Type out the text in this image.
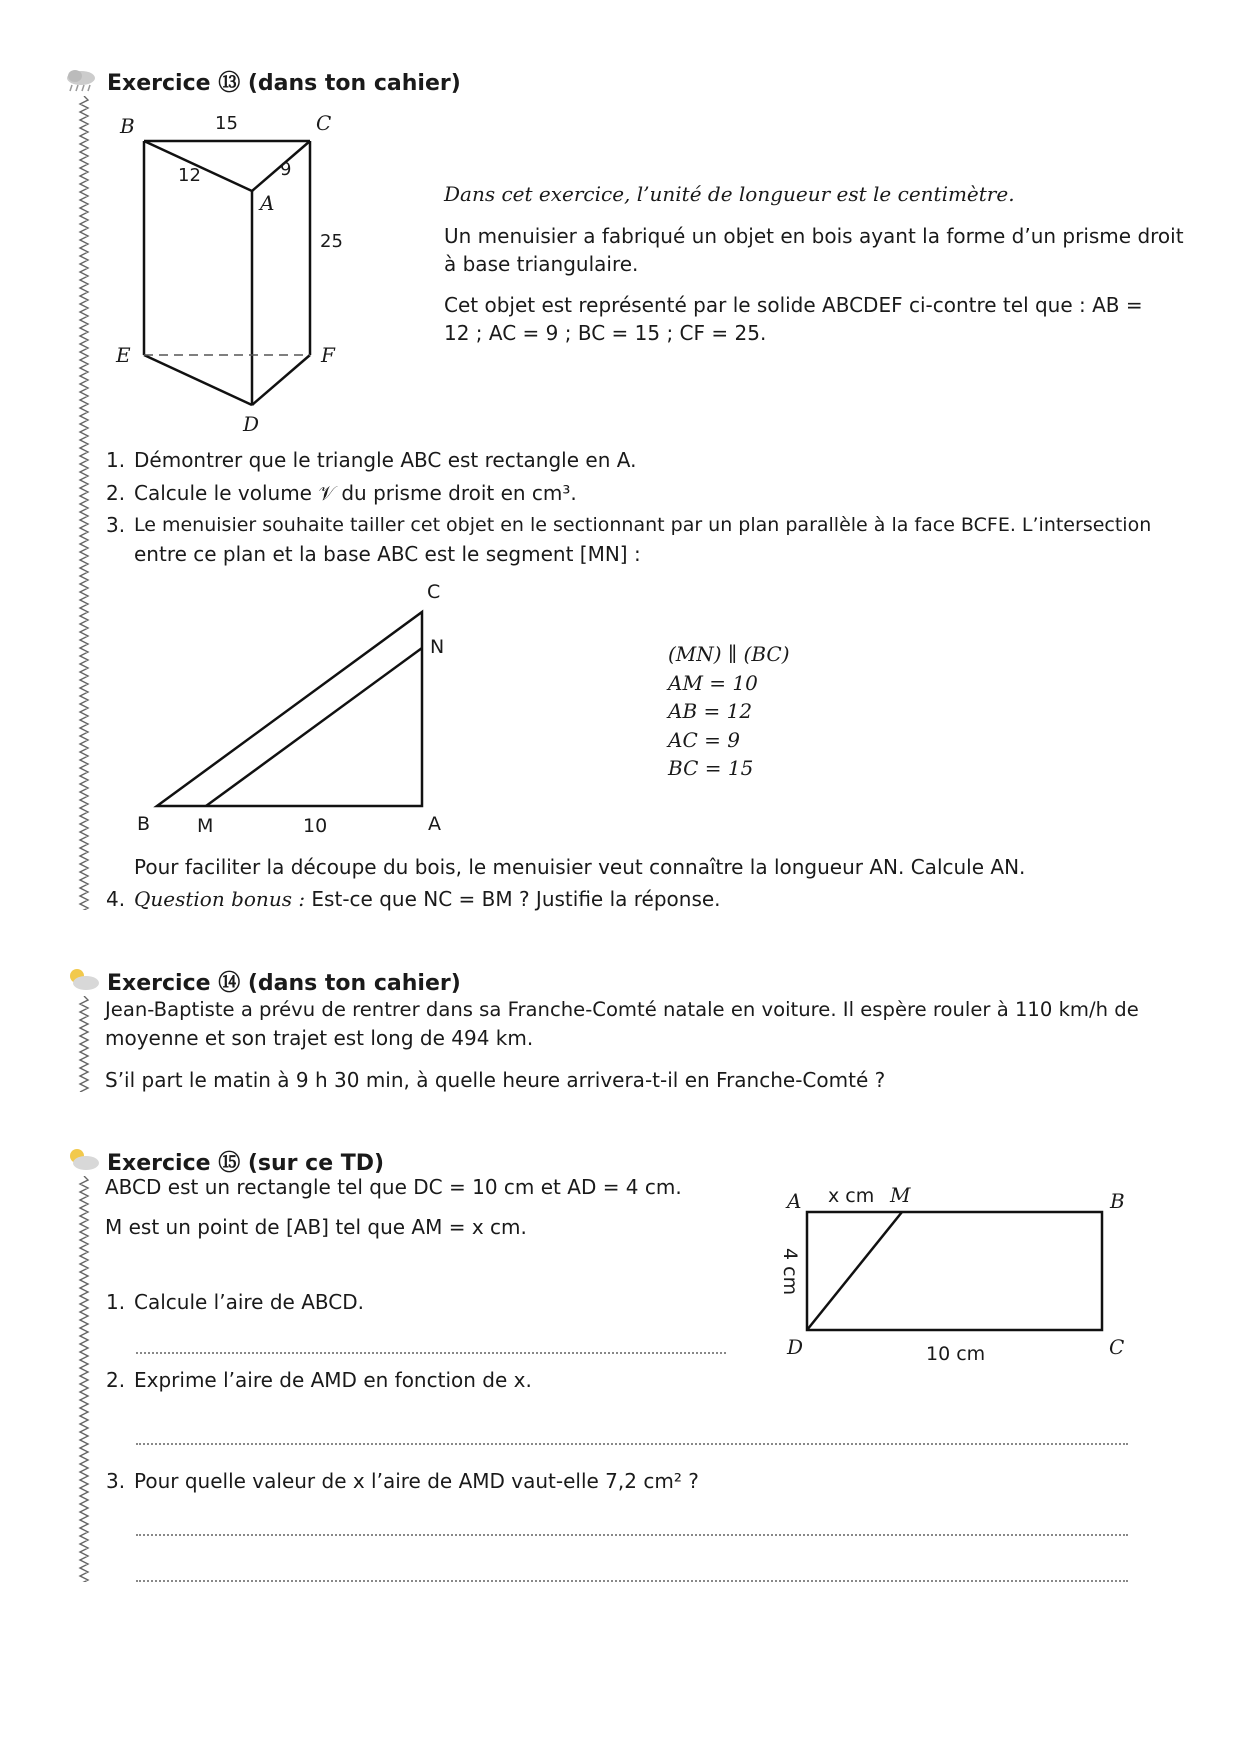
Exercice ⑬ (dans ton cahier)
B	C
A
E	F
D
15
12	9
25
Dans cet exercice, l’unité de longueur est le centimètre.
Un menuisier a fabriqué un objet en bois ayant la forme d’un prisme droit
à base triangulaire.
Cet objet est représenté par le solide ABCDEF ci-contre tel que : AB =
12 ; AC = 9 ; BC = 15 ; CF = 25.
1. Démontrer que le triangle ABC est rectangle en A.
2. Calcule le volume 𝒱 du prisme droit en cm³.
3. Le menuisier souhaite tailler cet objet en le sectionnant par un plan parallèle à la face BCFE. L’intersection
entre ce plan et la base ABC est le segment [MN] :
C
N
B M	10	A
(MN) ∥ (BC)
AM = 10
AB = 12
AC = 9
BC = 15
Pour faciliter la découpe du bois, le menuisier veut connaître la longueur AN. Calcule AN.
4. Question bonus : Est-ce que NC = BM ? Justifie la réponse.
Exercice ⑭ (dans ton cahier)
Jean-Baptiste a prévu de rentrer dans sa Franche-Comté natale en voiture. Il espère rouler à 110 km/h de
moyenne et son trajet est long de 494 km.
S’il part le matin à 9 h 30 min, à quelle heure arrivera-t-il en Franche-Comté ?
Exercice ⑮ (sur ce TD)
ABCD est un rectangle tel que DC = 10 cm et AD = 4 cm.
M est un point de [AB] tel que AM = x cm.
1. Calcule l’aire de ABCD.
2. Exprime l’aire de AMD en fonction de x.
3. Pour quelle valeur de x l’aire de AMD vaut-elle 7,2 cm² ?
A	M
x cm	B
D	C
10 cm
4 cm
